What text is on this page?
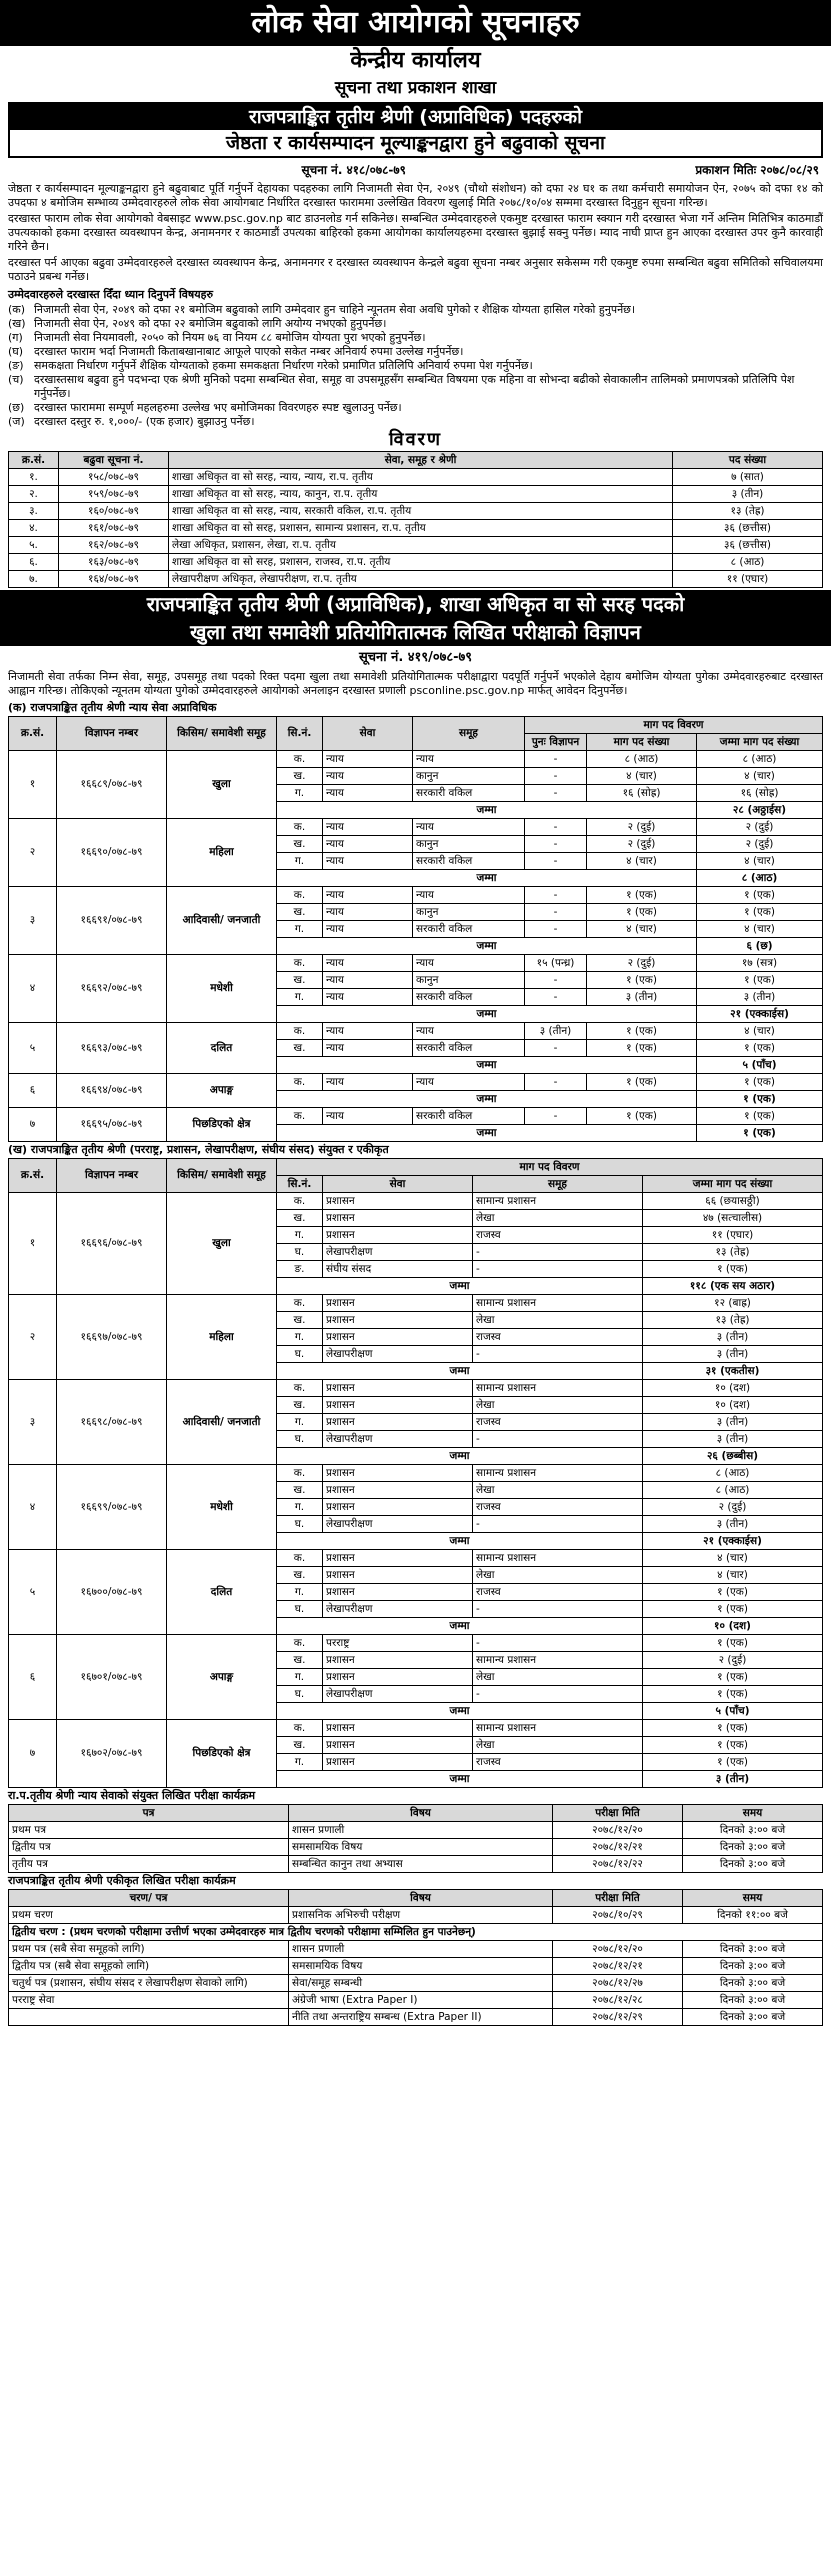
लोक सेवा आयोगको सूचनाहरु
केन्द्रीय कार्यालय
सूचना तथा प्रकाशन शाखा
राजपत्राङ्कित तृतीय श्रेणी (अप्राविधिक) पदहरुको
जेष्ठता र कार्यसम्पादन मूल्याङ्कनद्वारा हुने बढुवाको सूचना
सूचना नं. ४१८/०७८-७९	प्रकाशन मितिः २०७८/०८/२९

जेष्ठता र कार्यसम्पादन मूल्याङ्कनद्वारा हुने बढुवाबाट पूर्ति गर्नुपर्ने देहायका पदहरुका लागि निजामती सेवा ऐन, २०४९ (चौथो संशोधन) को दफा २४ घ१ क तथा कर्मचारी समायोजन ऐन, २०७५ को दफा १४ को उपदफा ४ बमोजिम सम्भाव्य उम्मेदवारहरुले लोक सेवा आयोगबाट निर्धारित दरखास्त फाराममा उल्लेखित विवरण खुलाई मिति २०७८/१०/०४ सम्ममा दरखास्त दिनुहुन सूचना गरिन्छ।

दरखास्त फाराम लोक सेवा आयोगको वेबसाइट www.psc.gov.np बाट डाउनलोड गर्न सकिनेछ। सम्बन्धित उम्मेदवारहरुले एकमुष्ट दरखास्त फाराम स्क्यान गरी दरखास्त भेजा गर्ने अन्तिम मितिभित्र काठमाडौं उपत्यकाको हकमा दरखास्त व्यवस्थापन केन्द्र, अनामनगर र काठमाडौं उपत्यका बाहिरको हकमा आयोगका कार्यालयहरुमा दरखास्त बुझाई सक्नु पर्नेछ। म्याद नाघी प्राप्त हुन आएका दरखास्त उपर कुनै कारवाही गरिने छैन।

दरखास्त पर्न आएका बढुवा उम्मेदवारहरुले दरखास्त व्यवस्थापन केन्द्र, अनामनगर र दरखास्त व्यवस्थापन केन्द्रले बढुवा सूचना नम्बर अनुसार सकेसम्म गरी एकमुष्ट रुपमा सम्बन्धित बढुवा समितिको सचिवालयमा पठाउने प्रबन्ध गर्नेछ।

उम्मेदवारहरुले दरखास्त दिँदा ध्यान दिनुपर्ने विषयहरु
(क) निजामती सेवा ऐन, २०४९ को दफा २१ बमोजिम बढुवाको लागि उम्मेदवार हुन चाहिने न्यूनतम सेवा अवधि पुगेको र शैक्षिक योग्यता हासिल गरेको हुनुपर्नेछ।
(ख) निजामती सेवा ऐन, २०४९ को दफा २२ बमोजिम बढुवाको लागि अयोग्य नभएको हुनुपर्नेछ।
(ग)	निजामती सेवा नियमावली, २०५० को नियम ७६ वा नियम ८८ बमोजिम योग्यता पुरा भएको हुनुपर्नेछ।
(घ) दरखास्त फाराम भर्दा निजामती किताबखानाबाट आफूले पाएको सकेत नम्बर अनिवार्य रुपमा उल्लेख गर्नुपर्नेछ।
(ङ) समकक्षता निर्धारण गर्नुपर्ने शैक्षिक योग्यताको हकमा समकक्षता निर्धारण गरेको प्रमाणित प्रतिलिपि अनिवार्य रुपमा पेश गर्नुपर्नेछ।
(च) दरखास्तसाथ बढुवा हुने पदभन्दा एक श्रेणी मुनिको पदमा सम्बन्धित सेवा, समूह वा उपसमूहसँग सम्बन्धित विषयमा एक महिना वा सोभन्दा बढीको सेवाकालीन तालिमको प्रमाणपत्रको प्रतिलिपि पेश गर्नुपर्नेछ।
(छ) दरखास्त फाराममा सम्पूर्ण महलहरुमा उल्लेख भए बमोजिमका विवरणहरु स्पष्ट खुलाउनु पर्नेछ।
(ज) दरखास्त दस्तुर रु. १,०००/- (एक हजार) बुझाउनु पर्नेछ।
विवरण
क्र.सं.	बढुवा सूचना नं.	सेवा, समूह र श्रेणी	पद संख्या
१.	१५८/०७८-७९	शाखा अधिकृत वा सो सरह, न्याय, न्याय, रा.प. तृतीय	७ (सात)
२.	१५९/०७८-७९	शाखा अधिकृत वा सो सरह, न्याय, कानुन, रा.प. तृतीय	३ (तीन)
३.	१६०/०७८-७९	शाखा अधिकृत वा सो सरह, न्याय, सरकारी वकिल, रा.प. तृतीय	१३ (तेह्र)
४.	१६१/०७८-७९	शाखा अधिकृत वा सो सरह, प्रशासन, सामान्य प्रशासन, रा.प. तृतीय	३६ (छत्तीस)
५.	१६२/०७८-७९	लेखा अधिकृत, प्रशासन, लेखा, रा.प. तृतीय	३६ (छत्तीस)
६.	१६३/०७८-७९	शाखा अधिकृत वा सो सरह, प्रशासन, राजस्व, रा.प. तृतीय	८ (आठ)
७.	१६४/०७८-७९	लेखापरीक्षण अधिकृत, लेखापरीक्षण, रा.प. तृतीय	११ (एघार)
राजपत्राङ्कित तृतीय श्रेणी (अप्राविधिक), शाखा अधिकृत वा सो सरह पदको
खुला तथा समावेशी प्रतियोगितात्मक लिखित परीक्षाको विज्ञापन
सूचना नं. ४१९/०७८-७९

निजामती सेवा तर्फका निम्न सेवा, समूह, उपसमूह तथा पदको रिक्त पदमा खुला तथा समावेशी प्रतियोगितात्मक परीक्षाद्वारा पदपूर्ति गर्नुपर्ने भएकोले देहाय बमोजिम योग्यता पुगेका उम्मेदवारहरुबाट दरखास्त आह्वान गरिन्छ। तोकिएको न्यूनतम योग्यता पुगेको उम्मेदवारहरुले आयोगको अनलाइन दरखास्त प्रणाली psconline.psc.gov.np मार्फत् आवेदन दिनुपर्नेछ।

(क) राजपत्राङ्कित तृतीय श्रेणी न्याय सेवा अप्राविधिक
क्र.सं.	विज्ञापन नम्बर	किसिम/ समावेशी समूह	सि.नं.	सेवा	समूह	माग पद विवरण		
						पुनः विज्ञापन	माग पद संख्या	जम्मा माग पद संख्या
१	१६६८९/०७८-७९	खुला	क.	न्याय	न्याय	-	८ (आठ)	८ (आठ)
			ख.	न्याय	कानुन	-	४ (चार)	४ (चार)
			ग.	न्याय	सरकारी वकिल	-	१६ (सोह्र)	१६ (सोह्र)
			जम्मा					२८ (अठ्ठाईस)
२	१६६९०/०७८-७९	महिला	क.	न्याय	न्याय	-	२ (दुई)	२ (दुई)
			ख.	न्याय	कानुन	-	२ (दुई)	२ (दुई)
			ग.	न्याय	सरकारी वकिल	-	४ (चार)	४ (चार)
			जम्मा					८ (आठ)
३	१६६९१/०७८-७९	आदिवासी/ जनजाती	क.	न्याय	न्याय	-	१ (एक)	१ (एक)
			ख.	न्याय	कानुन	-	१ (एक)	१ (एक)
			ग.	न्याय	सरकारी वकिल	-	४ (चार)	४ (चार)
			जम्मा					६ (छ)
४	१६६९२/०७८-७९	मधेशी	क.	न्याय	न्याय	१५ (पन्ध्र)	२ (दुई)	१७ (सत्र)
			ख.	न्याय	कानुन	-	१ (एक)	१ (एक)
			ग.	न्याय	सरकारी वकिल	-	३ (तीन)	३ (तीन)
			जम्मा					२१ (एक्काईस)
५	१६६९३/०७८-७९	दलित	क.	न्याय	न्याय	३ (तीन)	१ (एक)	४ (चार)
			ख.	न्याय	सरकारी वकिल	-	१ (एक)	१ (एक)
			जम्मा					५ (पाँच)
६	१६६९४/०७८-७९	अपाङ्ग	क.	न्याय	न्याय	-	१ (एक)	१ (एक)
			जम्मा					१ (एक)
७	१६६९५/०७८-७९	पिछडिएको क्षेत्र	क.	न्याय	सरकारी वकिल	-	१ (एक)	१ (एक)
			जम्मा					१ (एक)
(ख) राजपत्राङ्कित तृतीय श्रेणी (परराष्ट्र, प्रशासन, लेखापरीक्षण, संघीय संसद) संयुक्त र एकीकृत
क्र.सं.	विज्ञापन नम्बर	किसिम/ समावेशी समूह	माग पद विवरण			
			सि.नं.	सेवा	समूह	जम्मा माग पद संख्या
१	१६६९६/०७८-७९	खुला	क.	प्रशासन	सामान्य प्रशासन	६६ (छयासठ्ठी)
			ख.	प्रशासन	लेखा	४७ (सत्चालीस)
			ग.	प्रशासन	राजस्व	११ (एघार)
			घ.	लेखापरीक्षण	-	१३ (तेह्र)
			ङ.	संघीय संसद	-	१ (एक)
			जम्मा			११८ (एक सय अठार)
२	१६६९७/०७८-७९	महिला	क.	प्रशासन	सामान्य प्रशासन	१२ (बाह्र)
			ख.	प्रशासन	लेखा	१३ (तेह्र)
			ग.	प्रशासन	राजस्व	३ (तीन)
			घ.	लेखापरीक्षण	-	३ (तीन)
			जम्मा			३१ (एकतीस)
३	१६६९८/०७८-७९	आदिवासी/ जनजाती	क.	प्रशासन	सामान्य प्रशासन	१० (दश)
			ख.	प्रशासन	लेखा	१० (दश)
			ग.	प्रशासन	राजस्व	३ (तीन)
			घ.	लेखापरीक्षण	-	३ (तीन)
			जम्मा			२६ (छब्बीस)
४	१६६९९/०७८-७९	मधेशी	क.	प्रशासन	सामान्य प्रशासन	८ (आठ)
			ख.	प्रशासन	लेखा	८ (आठ)
			ग.	प्रशासन	राजस्व	२ (दुई)
			घ.	लेखापरीक्षण	-	३ (तीन)
			जम्मा			२१ (एक्काईस)
५	१६७००/०७८-७९	दलित	क.	प्रशासन	सामान्य प्रशासन	४ (चार)
			ख.	प्रशासन	लेखा	४ (चार)
			ग.	प्रशासन	राजस्व	१ (एक)
			घ.	लेखापरीक्षण	-	१ (एक)
			जम्मा			१० (दश)
६	१६७०१/०७८-७९	अपाङ्ग	क.	परराष्ट्र	-	१ (एक)
			ख.	प्रशासन	सामान्य प्रशासन	२ (दुई)
			ग.	प्रशासन	लेखा	१ (एक)
			घ.	लेखापरीक्षण	-	१ (एक)
			जम्मा			५ (पाँच)
७	१६७०२/०७८-७९	पिछडिएको क्षेत्र	क.	प्रशासन	सामान्य प्रशासन	१ (एक)
			ख.	प्रशासन	लेखा	१ (एक)
			ग.	प्रशासन	राजस्व	१ (एक)
			जम्मा			३ (तीन)
रा.प.तृतीय श्रेणी न्याय सेवाको संयुक्त लिखित परीक्षा कार्यक्रम
पत्र	विषय	परीक्षा मिति	समय
प्रथम पत्र	शासन प्रणाली	२०७८/१२/२०	दिनको ३:०० बजे
द्वितीय पत्र	समसामयिक विषय	२०७८/१२/२१	दिनको ३:०० बजे
तृतीय पत्र	सम्बन्धित कानुन तथा अभ्यास	२०७८/१२/२२	दिनको ३:०० बजे
राजपत्राङ्कित तृतीय श्रेणी एकीकृत लिखित परीक्षा कार्यक्रम
चरण/ पत्र	विषय	परीक्षा मिति	समय
प्रथम चरण	प्रशासनिक अभिरुची परीक्षण	२०७८/१०/२९	दिनको ११:०० बजे
द्वितीय चरण : (प्रथम चरणको परीक्षामा उत्तीर्ण भएका उम्मेदवारहरु मात्र द्वितीय चरणको परीक्षामा सम्मिलित हुन पाउनेछन्)			
प्रथम पत्र (सबै सेवा समूहको लागि)	शासन प्रणाली	२०७८/१२/२०	दिनको ३:०० बजे
द्वितीय पत्र (सबै सेवा समूहको लागि)	समसामयिक विषय	२०७८/१२/२१	दिनको ३:०० बजे
चतुर्थ पत्र (प्रशासन, संघीय संसद र लेखापरीक्षण सेवाको लागि)	सेवा/समूह सम्बन्धी	२०७८/१२/२७	दिनको ३:०० बजे
परराष्ट्र सेवा	अंग्रेजी भाषा (Extra Paper I)	२०७८/१२/२८	दिनको ३:०० बजे
	नीति तथा अन्तराष्ट्रिय सम्बन्ध (Extra Paper II)	२०७८/१२/२९	दिनको ३:०० बजे
